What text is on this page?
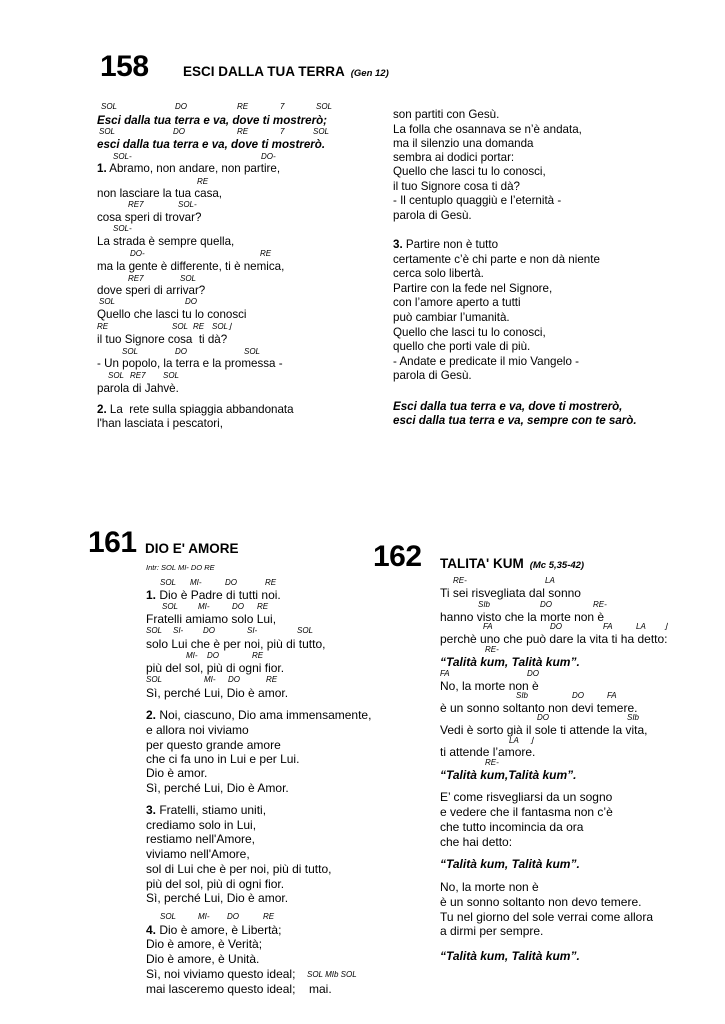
158	ESCI DALLA TUA TERRA (Gen 12)
SOL	DO	RE	7	SOL
Esci dalla tua terra e va, dove ti mostrerò;
SOL	DO	RE	7	SOL
esci dalla tua terra e va, dove ti mostrerò.
SOL-	DO-
1. Abramo, non andare, non partire,
RE
non lasciare la tua casa,
RE7	SOL-
cosa speri di trovar?
SOL-
La strada è sempre quella,
DO-	RE
ma la gente è differente, ti è nemica,
RE7	SOL
dove speri di arrivar?
SOL	DO
Quello che lasci tu lo conosci
RE	SOL RE SOL⌋
il tuo Signore cosa  ti dà?
SOL	DO	SOL
- Un popolo, la terra e la promessa -
SOL RE7 SOL
parola di Jahvè.
2. La  rete sulla spiaggia abbandonata
l'han lasciata i pescatori,
son partiti con Gesù.
La folla che osannava se n’è andata,
ma il silenzio una domanda
sembra ai dodici portar:
Quello che lasci tu lo conosci,
il tuo Signore cosa ti dà?
- Il centuplo quaggiù e l’eternità -
parola di Gesù.
3. Partire non è tutto
certamente c’è chi parte e non dà niente
cerca solo libertà.
Partire con la fede nel Signore,
con l’amore aperto a tutti
può cambiar l’umanità.
Quello che lasci tu lo conosci,
quello che porti vale di più.
- Andate e predicate il mio Vangelo -
parola di Gesù.
Esci dalla tua terra e va, dove ti mostrerò,
esci dalla tua terra e va, sempre con te sarò.
161 DIO E' AMORE
Intr: SOL MI- DO RE
SOL MI-	DO	RE
1. Dio è Padre di tutti noi.
SOL MI-	DO RE
Fratelli amiamo solo Lui,
SOL SI- DO	SI-	SOL
solo Lui che è per noi, più di tutto,
MI- DO	RE
più del sol, più di ogni fior.
SOL	MI- DO	RE
Sì, perché Lui, Dio è amor.
2. Noi, ciascuno, Dio ama immensamente,
e allora noi viviamo
per questo grande amore
che ci fa uno in Lui e per Lui.
Dio è amor.
Sì, perché Lui, Dio è Amor.
3. Fratelli, stiamo uniti,
crediamo solo in Lui,
restiamo nell'Amore,
viviamo nell'Amore,
sol di Lui che è per noi, più di tutto,
più del sol, più di ogni fior.
Sì, perché Lui, Dio è amor.
SOL	MI- DO	RE
4. Dio è amore, è Libertà;
Dio è amore, è Verità;
Dio è amore, è Unità.
Sì, noi viviamo questo ideal; SOL MIb SOL
mai lasceremo questo ideal; mai.
162 TALITA' KUM (Mc 5,35-42)
RE-	LA
Ti sei risvegliata dal sonno
SIb	DO	RE-
hanno visto che la morte non è
FA	DO	FA	LA ⌋
perchè uno che può dare la vita ti ha detto:
RE-
“Talità kum, Talità kum”.
FA	DO
No, la morte non è
SIb	DO	FA
è un sonno soltanto non devi temere.
DO	SIb
Vedi è sorto già il sole ti attende la vita,
LA ⌋
ti attende l’amore.
RE-
“Talità kum,Talità kum”.
E’ come risvegliarsi da un sogno
e vedere che il fantasma non c’è
che tutto incomincia da ora
che hai detto:
“Talità kum, Talità kum”.
No, la morte non è
è un sonno soltanto non devo temere.
Tu nel giorno del sole verrai come allora
a dirmi per sempre.
“Talità kum, Talità kum”.
